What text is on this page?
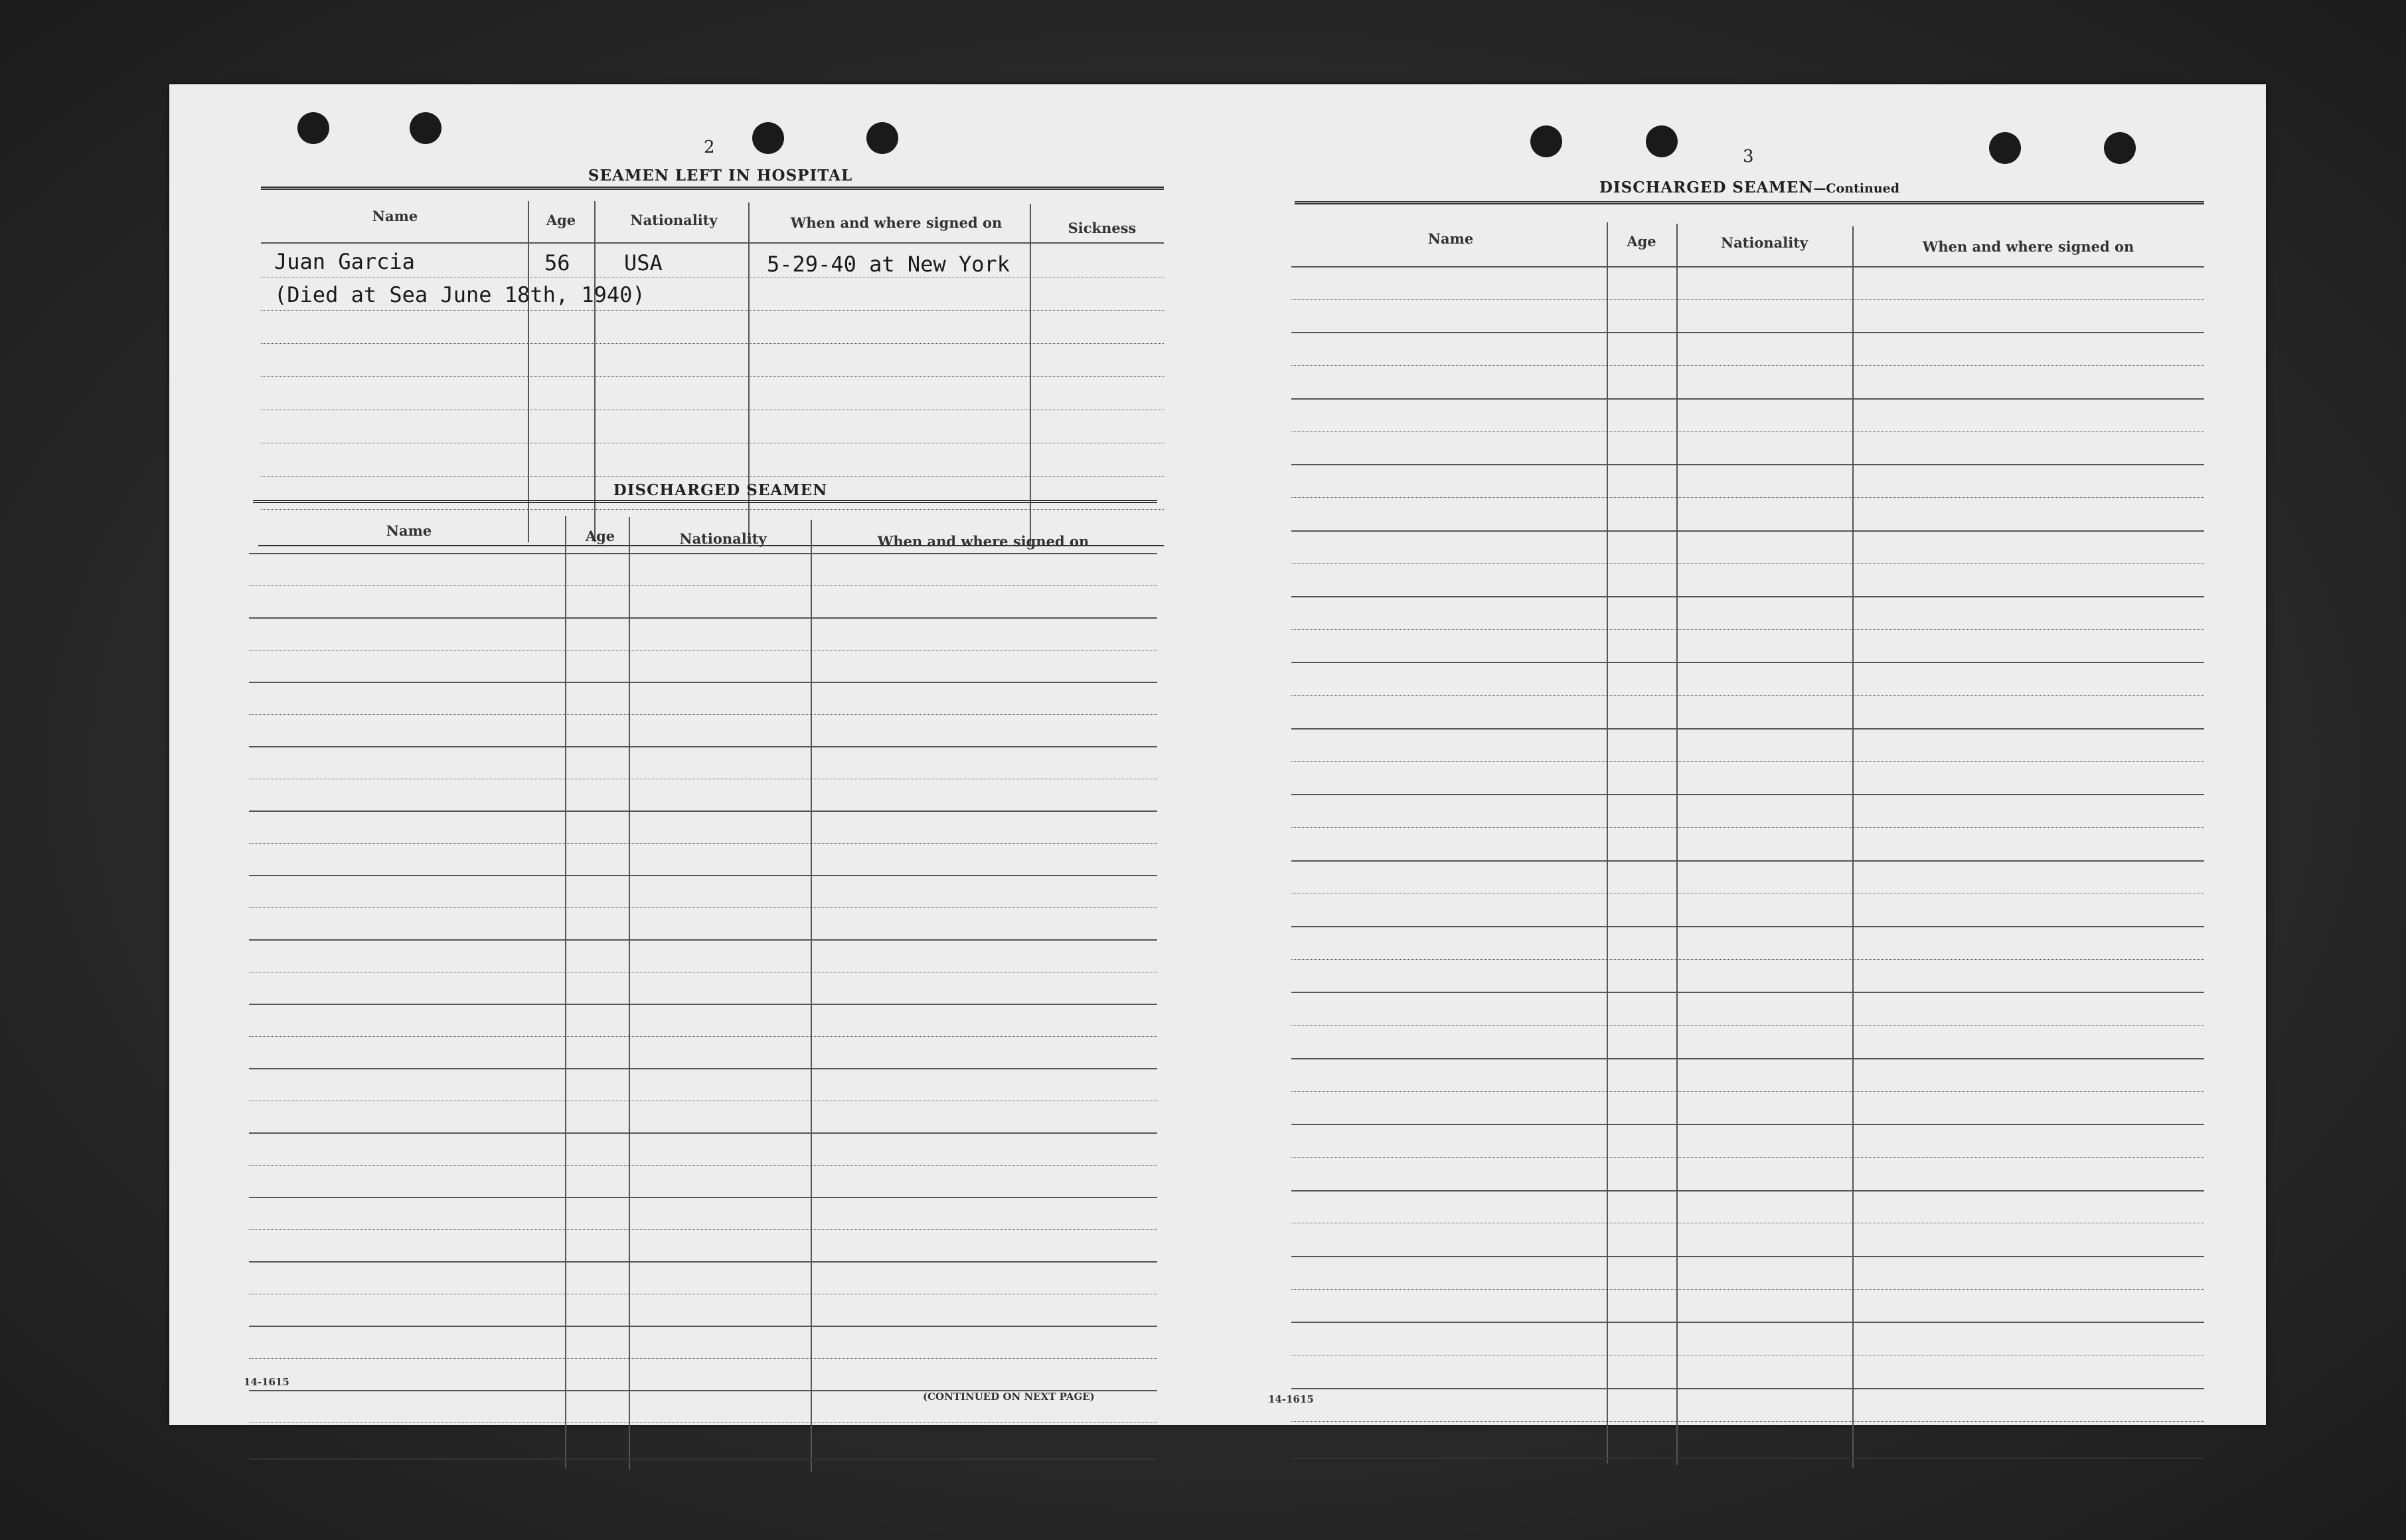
2
SEAMEN LEFT IN HOSPITAL
Name	Age	Nationality	When and where signed on	Sickness
Juan Garcia	56	USA	5-29-40 at New York
(Died at Sea June 18th, 1940)
DISCHARGED SEAMEN
Name	Age	Nationality	When and where signed on
14-1615
(CONTINUED ON NEXT PAGE)
3
DISCHARGED SEAMEN—Continued
Name	Age	Nationality	When and where signed on
14-1615
